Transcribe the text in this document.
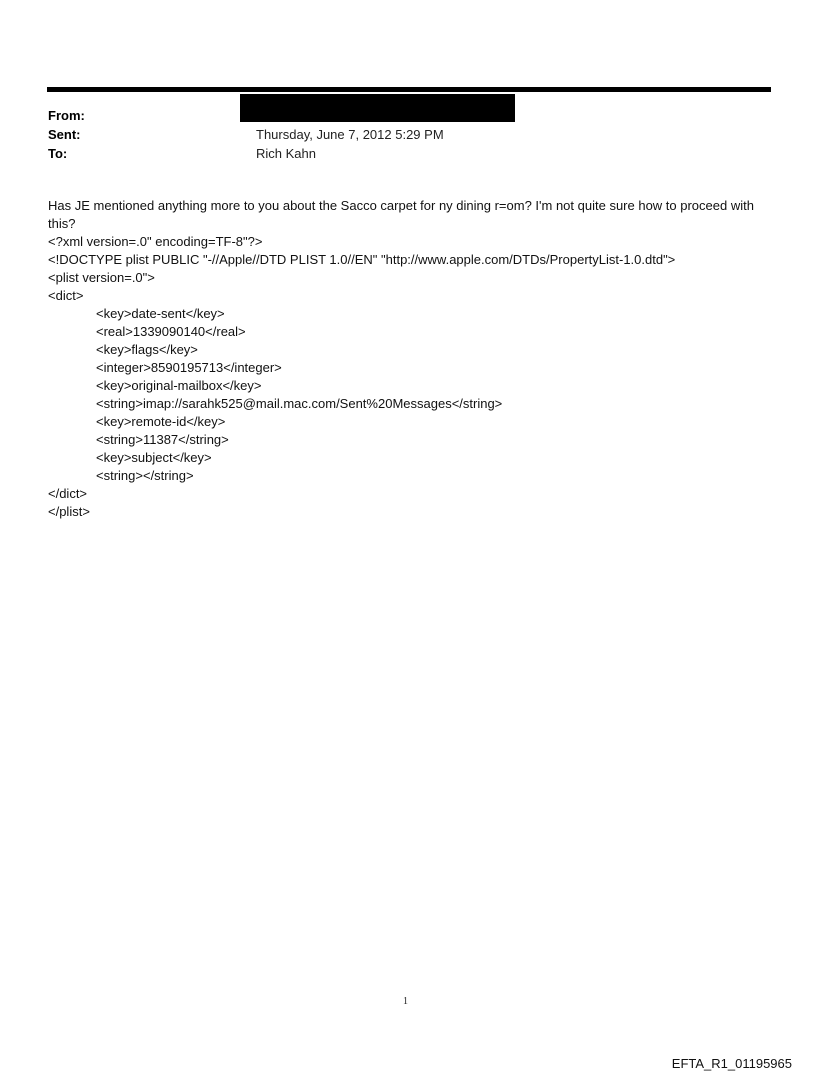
From:
Sent:	Thursday, June 7, 2012 5:29 PM
To:	Rich Kahn

Has JE mentioned anything more to you about the Sacco carpet for ny dining r=om? I'm not quite sure how to proceed with this?

<?xml version=.0" encoding=TF-8"?>
<!DOCTYPE plist PUBLIC "-//Apple//DTD PLIST 1.0//EN" "http://www.apple.com/DTDs/PropertyList-1.0.dtd">
<plist version=.0">
<dict>
<key>date-sent</key>
<real>1339090140</real>
<key>flags</key>
<integer>8590195713</integer>
<key>original-mailbox</key>
<string>imap://sarahk525@mail.mac.com/Sent%20Messages</string>
<key>remote-id</key>
<string>11387</string>
<key>subject</key>
<string></string>
</dict>
</plist>
1
EFTA_R1_01195965
